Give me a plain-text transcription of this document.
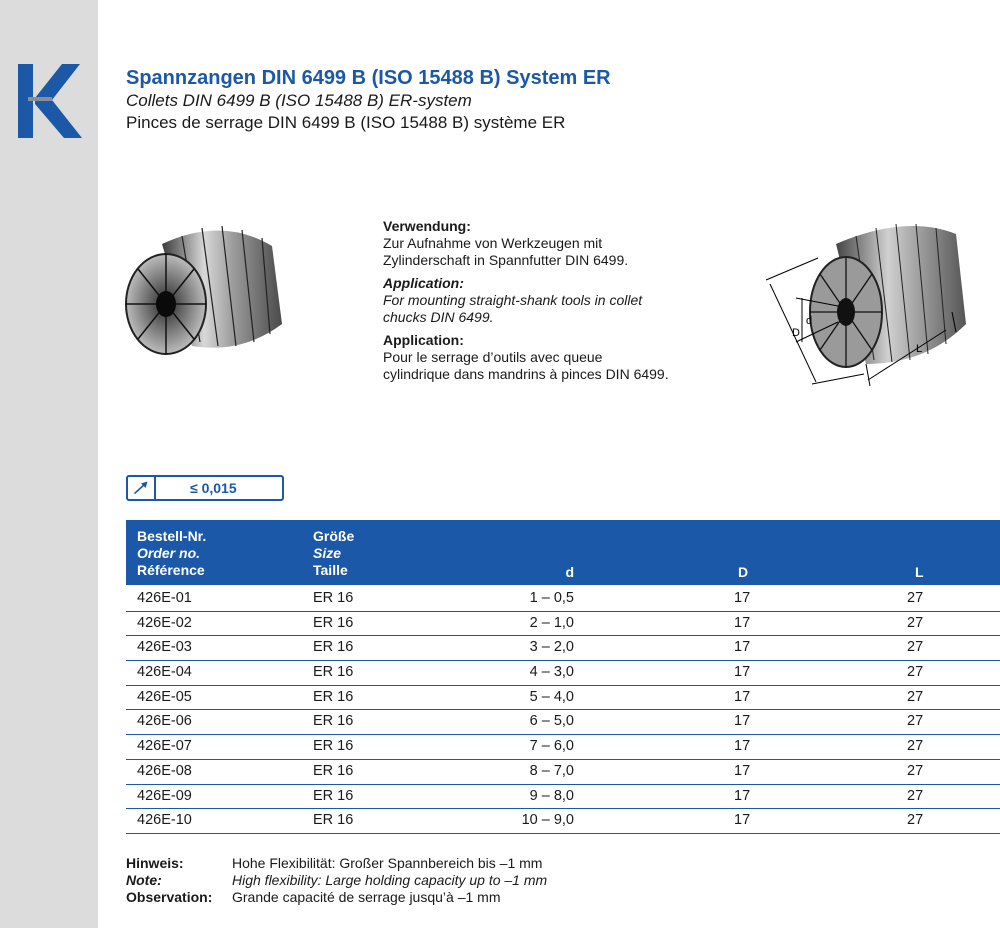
Spannzangen DIN 6499 B (ISO 15488 B) System ER
Collets DIN 6499 B (ISO 15488 B) ER-system
Pinces de serrage DIN 6499 B (ISO 15488 B) système ER
Verwendung:
Zur Aufnahme von Werkzeugen mit
Zylinderschaft in Spannfutter DIN 6499.
Application:
For mounting straight-shank tools in collet
chucks DIN 6499.
Application:
Pour le serrage d’outils avec queue
cylindrique dans mandrins à pinces DIN 6499.
D
d
L
≤ 0,015
Bestell-Nr.
Order no.
Référence
Größe
Size
Taille	d	D	L
426E-01	ER 16	1 – 0,5	17	27
426E-02	ER 16	2 – 1,0	17	27
426E-03	ER 16	3 – 2,0	17	27
426E-04	ER 16	4 – 3,0	17	27
426E-05	ER 16	5 – 4,0	17	27
426E-06	ER 16	6 – 5,0	17	27
426E-07	ER 16	7 – 6,0	17	27
426E-08	ER 16	8 – 7,0	17	27
426E-09	ER 16	9 – 8,0	17	27
426E-10	ER 16	10 – 9,0	17	27
Hinweis:	Hohe Flexibilität: Großer Spannbereich bis –1 mm
Note:	High flexibility: Large holding capacity up to –1 mm
Observation: Grande capacité de serrage jusqu’à –1 mm
